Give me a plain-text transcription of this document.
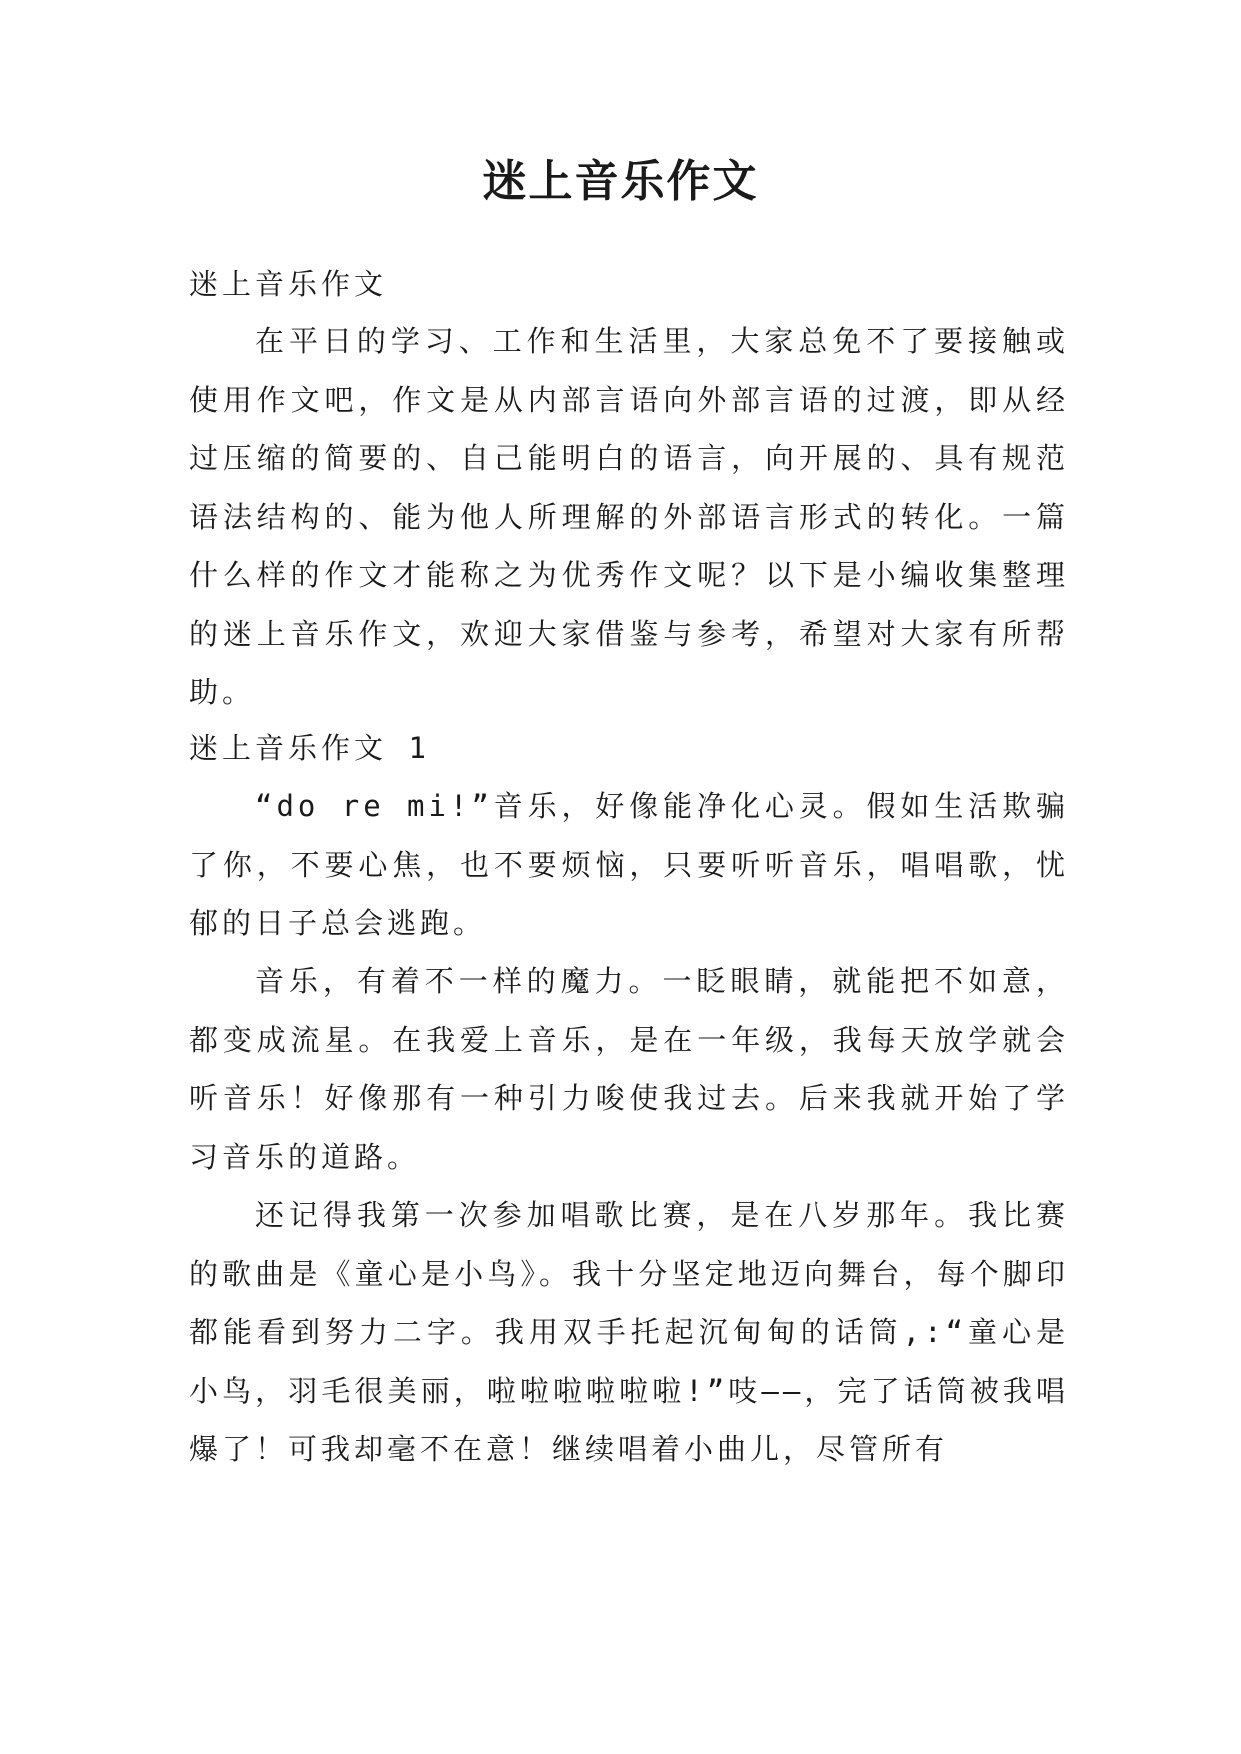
迷上音乐作文

迷上音乐作文

在平日的学习、工作和生活里，大家总免不了要接触或使用作文吧，作文是从内部言语向外部言语的过渡，即从经过压缩的简要的、自己能明白的语言，向开展的、具有规范语法结构的、能为他人所理解的外部语言形式的转化。一篇什么样的作文才能称之为优秀作文呢？以下是小编收集整理的迷上音乐作文，欢迎大家借鉴与参考，希望对大家有所帮助。

迷上音乐作文 1

“do re mi!”音乐，好像能净化心灵。假如生活欺骗了你，不要心焦，也不要烦恼，只要听听音乐，唱唱歌，忧郁的日子总会逃跑。

音乐，有着不一样的魔力。一眨眼睛，就能把不如意，都变成流星。在我爱上音乐，是在一年级，我每天放学就会听音乐！好像那有一种引力唆使我过去。后来我就开始了学习音乐的道路。

还记得我第一次参加唱歌比赛，是在八岁那年。我比赛的歌曲是《童心是小鸟》。我十分坚定地迈向舞台，每个脚印都能看到努力二字。我用双手托起沉甸甸的话筒,:“童心是小鸟，羽毛很美丽，啦啦啦啦啦啦!”吱——，完了话筒被我唱爆了！可我却毫不在意！继续唱着小曲儿，尽管所有
